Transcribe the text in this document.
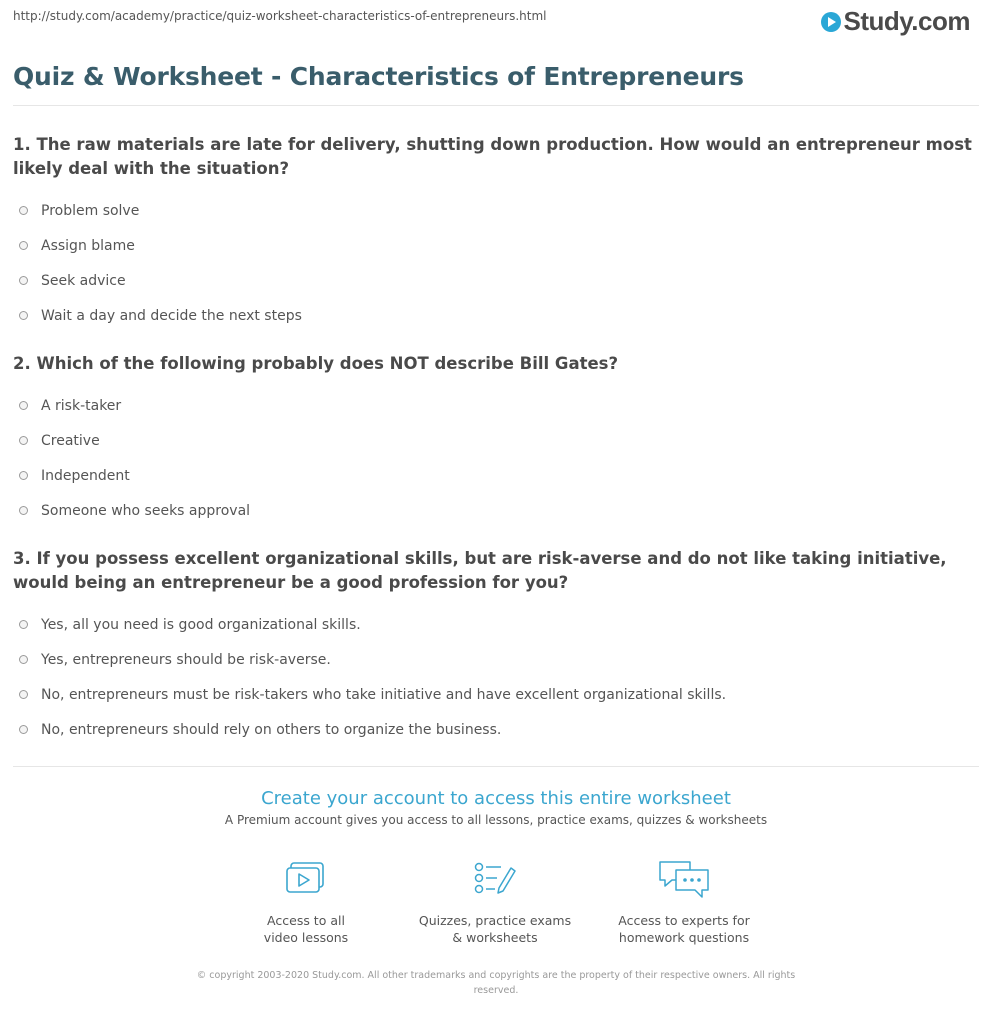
http://study.com/academy/practice/quiz-worksheet-characteristics-of-entrepreneurs.html	Study.com
Quiz & Worksheet - Characteristics of Entrepreneurs
1. The raw materials are late for delivery, shutting down production. How would an entrepreneur most likely deal with the situation?
Problem solve
Assign blame
Seek advice
Wait a day and decide the next steps
2. Which of the following probably does NOT describe Bill Gates?
A risk-taker
Creative
Independent
Someone who seeks approval
3. If you possess excellent organizational skills, but are risk-averse and do not like taking initiative, would being an entrepreneur be a good profession for you?
Yes, all you need is good organizational skills.
Yes, entrepreneurs should be risk-averse.
No, entrepreneurs must be risk-takers who take initiative and have excellent organizational skills.
No, entrepreneurs should rely on others to organize the business.
Create your account to access this entire worksheet
A Premium account gives you access to all lessons, practice exams, quizzes & worksheets
Access to all
video lessons
Quizzes, practice exams
& worksheets
Access to experts for
homework questions
© copyright 2003-2020 Study.com. All other trademarks and copyrights are the property of their respective owners. All rights reserved.
